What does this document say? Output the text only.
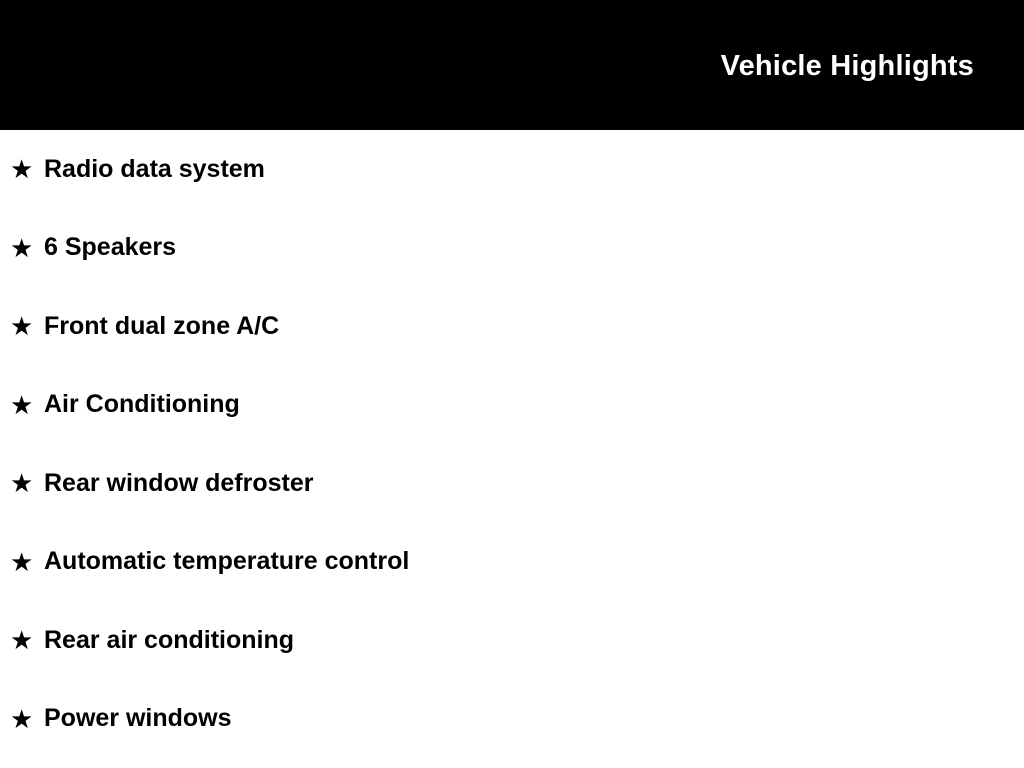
Vehicle Highlights
★ Radio data system
★ 6 Speakers
★ Front dual zone A/C
★ Air Conditioning
★ Rear window defroster
★ Automatic temperature control
★ Rear air conditioning
★ Power windows
